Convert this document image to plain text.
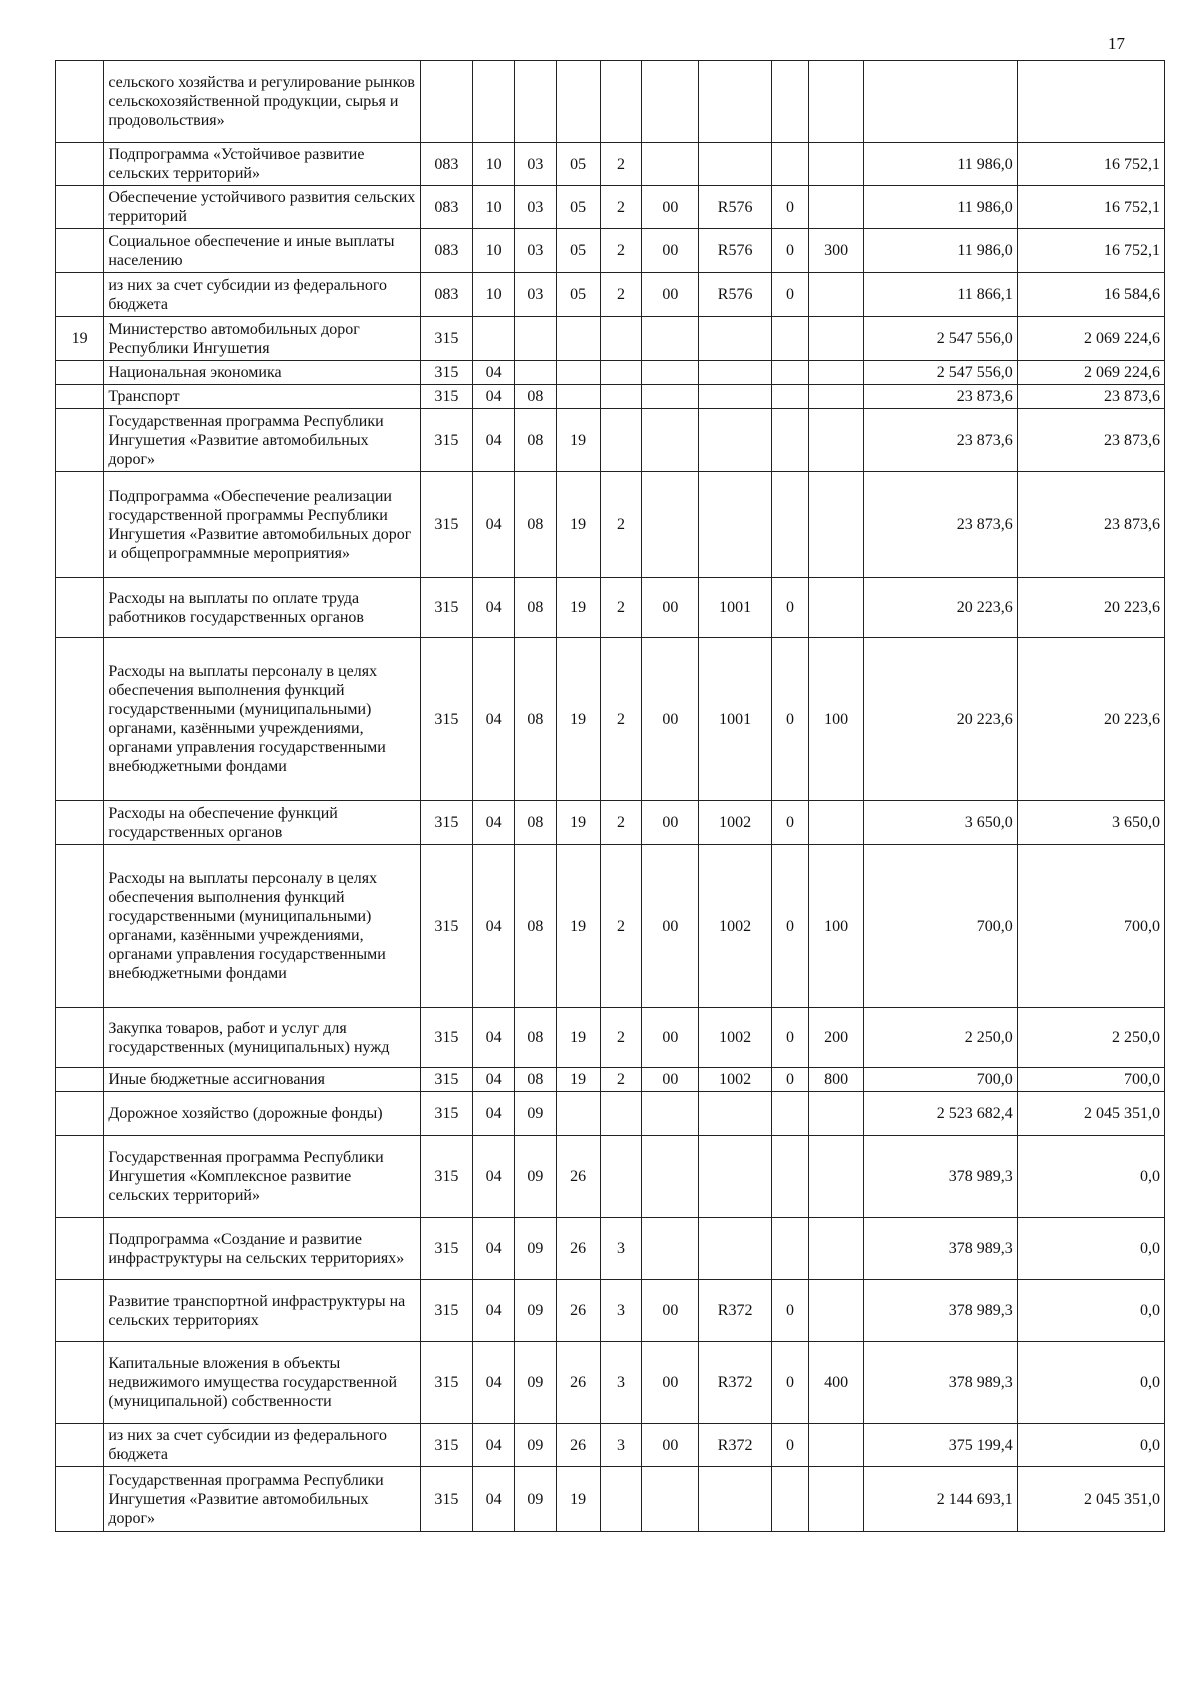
17
	сельского хозяйства и регулирование рынков сельскохозяйственной продукции, сырья и продовольствия»											
	Подпрограмма «Устойчивое развитие сельских территорий»	083	10	03	05	2					11 986,0	16 752,1
	Обеспечение устойчивого развития сельских территорий	083	10	03	05	2	00	R576	0		11 986,0	16 752,1
	Социальное обеспечение и иные выплаты населению	083	10	03	05	2	00	R576	0	300	11 986,0	16 752,1
	из них за счет субсидии из федерального бюджета	083	10	03	05	2	00	R576	0		11 866,1	16 584,6
19	Министерство автомобильных дорог Республики Ингушетия	315									2 547 556,0	2 069 224,6
	Национальная экономика	315	04								2 547 556,0	2 069 224,6
	Транспорт	315	04	08							23 873,6	23 873,6
	Государственная программа Республики Ингушетия «Развитие автомобильных дорог»	315	04	08	19						23 873,6	23 873,6
	Подпрограмма «Обеспечение реализации государственной программы Республики Ингушетия «Развитие автомобильных дорог и общепрограммные мероприятия»	315	04	08	19	2					23 873,6	23 873,6
	Расходы на выплаты по оплате труда работников государственных органов	315	04	08	19	2	00	1001	0		20 223,6	20 223,6
	Расходы на выплаты персоналу в целях обеспечения выполнения функций государственными (муниципальными) органами, казёнными учреждениями, органами управления государственными внебюджетными фондами	315	04	08	19	2	00	1001	0	100	20 223,6	20 223,6
	Расходы на обеспечение функций государственных органов	315	04	08	19	2	00	1002	0		3 650,0	3 650,0
	Расходы на выплаты персоналу в целях обеспечения выполнения функций государственными (муниципальными) органами, казёнными учреждениями, органами управления государственными внебюджетными фондами	315	04	08	19	2	00	1002	0	100	700,0	700,0
	Закупка товаров, работ и услуг для государственных (муниципальных) нужд	315	04	08	19	2	00	1002	0	200	2 250,0	2 250,0
	Иные бюджетные ассигнования	315	04	08	19	2	00	1002	0	800	700,0	700,0
	Дорожное хозяйство (дорожные фонды)	315	04	09							2 523 682,4	2 045 351,0
	Государственная программа Республики Ингушетия «Комплексное развитие сельских территорий»	315	04	09	26						378 989,3	0,0
	Подпрограмма «Создание и развитие инфраструктуры на сельских территориях»	315	04	09	26	3					378 989,3	0,0
	Развитие транспортной инфраструктуры на сельских территориях	315	04	09	26	3	00	R372	0		378 989,3	0,0
	Капитальные вложения в объекты недвижимого имущества государственной (муниципальной) собственности	315	04	09	26	3	00	R372	0	400	378 989,3	0,0
	из них за счет субсидии из федерального бюджета	315	04	09	26	3	00	R372	0		375 199,4	0,0
	Государственная программа Республики Ингушетия «Развитие автомобильных дорог»	315	04	09	19						2 144 693,1	2 045 351,0
